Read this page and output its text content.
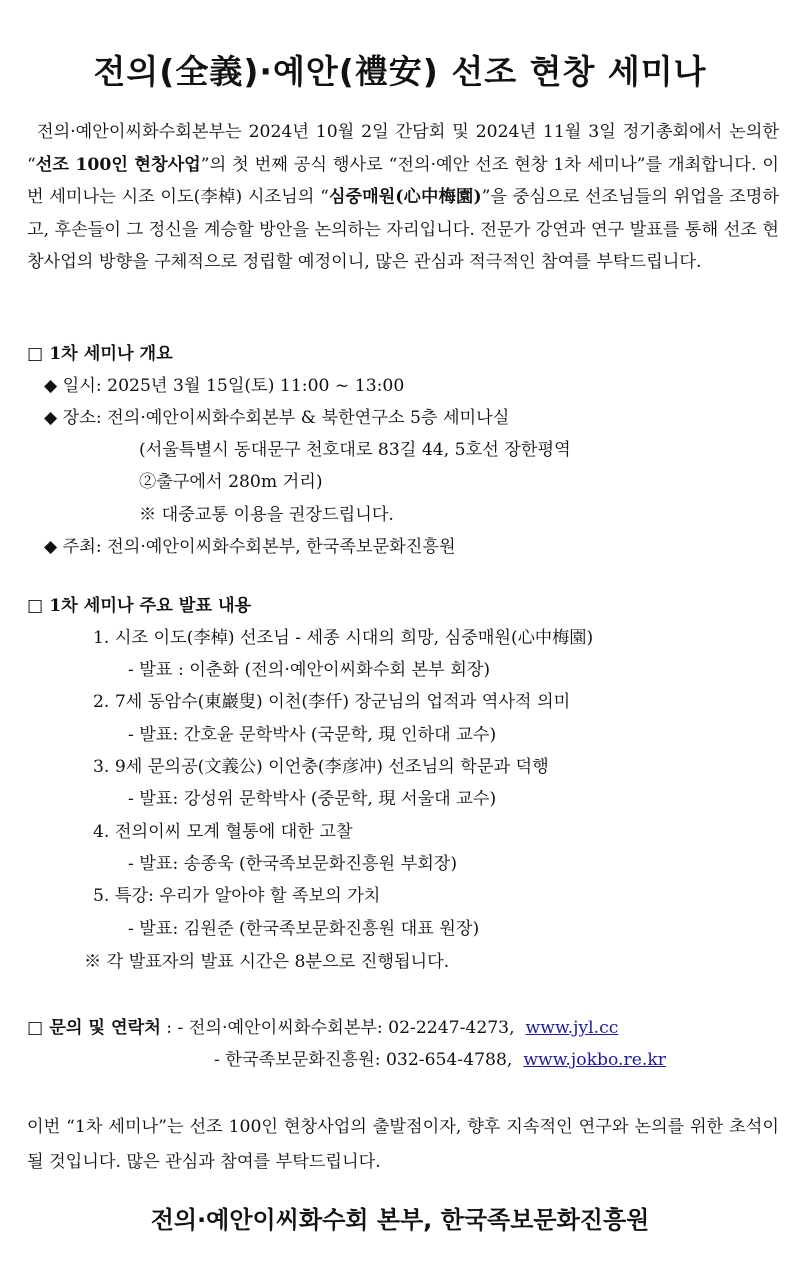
전의(全義)·예안(禮安) 선조 현창 세미나
전의·예안이씨화수회본부는 2024년 10월 2일 간담회 및 2024년 11월 3일 정기총회에서 논의한 “선조 100인 현창사업”의 첫 번째 공식 행사로 “전의·예안 선조 현창 1차 세미나”를 개최합니다. 이번 세미나는 시조 이도(李棹) 시조님의 “심중매원(心中梅園)”을 중심으로 선조님들의 위업을 조명하고, 후손들이 그 정신을 계승할 방안을 논의하는 자리입니다. 전문가 강연과 연구 발표를 통해 선조 현창사업의 방향을 구체적으로 정립할 예정이니, 많은 관심과 적극적인 참여를 부탁드립니다.
□ 1차 세미나 개요
◆ 일시: 2025년 3월 15일(토) 11:00 ~ 13:00
◆ 장소: 전의·예안이씨화수회본부 & 북한연구소 5층 세미나실
(서울특별시 동대문구 천호대로 83길 44, 5호선 장한평역
②출구에서 280m 거리)
※ 대중교통 이용을 권장드립니다.
◆ 주최: 전의·예안이씨화수회본부, 한국족보문화진흥원
□ 1차 세미나 주요 발표 내용
1. 시조 이도(李棹) 선조님 - 세종 시대의 희망, 심중매원(心中梅園)
- 발표 : 이춘화 (전의·예안이씨화수회 본부 회장)
2. 7세 동암수(東巖叟) 이천(李仟) 장군님의 업적과 역사적 의미
- 발표: 간호윤 문학박사 (국문학, 現 인하대 교수)
3. 9세 문의공(文義公) 이언충(李彦冲) 선조님의 학문과 덕행
- 발표: 강성위 문학박사 (중문학, 現 서울대 교수)
4. 전의이씨 모계 혈통에 대한 고찰
- 발표: 송종욱 (한국족보문화진흥원 부회장)
5. 특강: 우리가 알아야 할 족보의 가치
- 발표: 김원준 (한국족보문화진흥원 대표 원장)
※ 각 발표자의 발표 시간은 8분으로 진행됩니다.
□ 문의 및 연락처 : - 전의·예안이씨화수회본부: 02-2247-4273, www.jyl.cc
- 한국족보문화진흥원: 032-654-4788, www.jokbo.re.kr
이번 “1차 세미나”는 선조 100인 현창사업의 출발점이자, 향후 지속적인 연구와 논의를 위한 초석이 될 것입니다. 많은 관심과 참여를 부탁드립니다.
전의·예안이씨화수회 본부, 한국족보문화진흥원
